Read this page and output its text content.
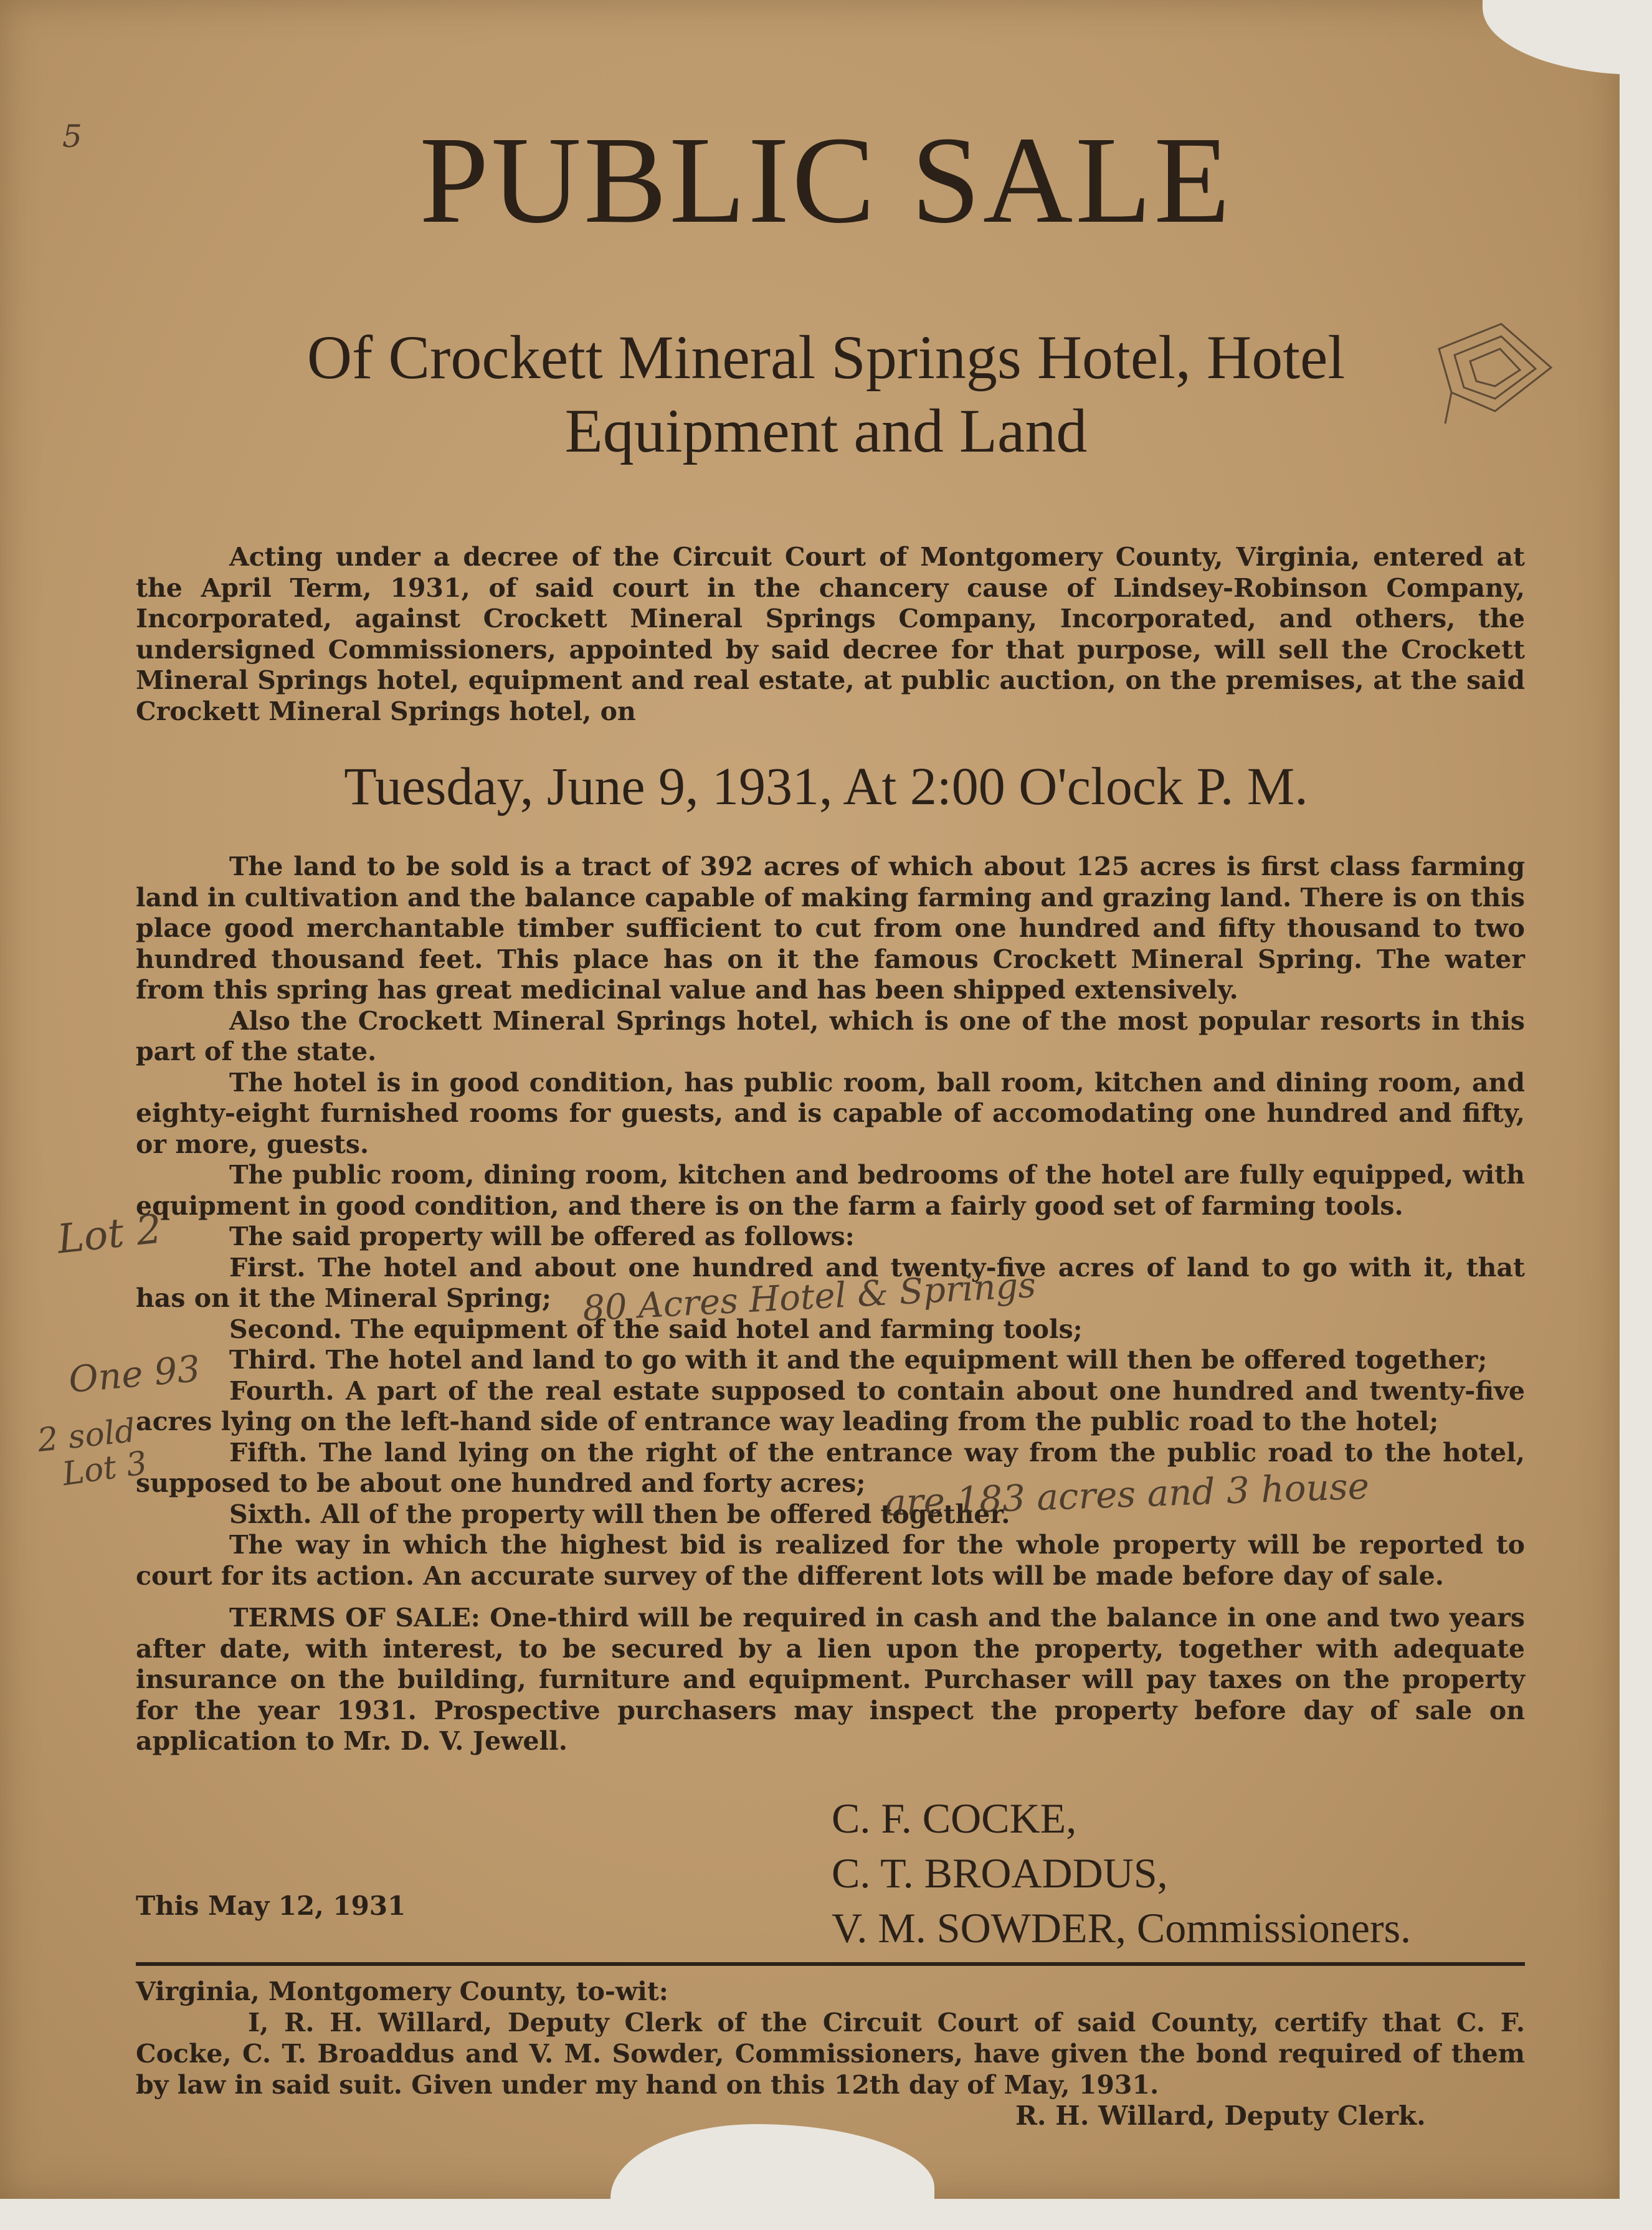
5	PUBLIC SALE
Of Crockett Mineral Springs Hotel, Hotel
Equipment and Land

Acting under a decree of the Circuit Court of Montgomery County, Virginia, entered at the April Term, 1931, of said court in the chancery cause of Lindsey-Robinson Company, Incorporated, against Crockett Mineral Springs Company, Incorporated, and others, the undersigned Commissioners, appointed by said decree for that purpose, will sell the Crockett Mineral Springs hotel, equipment and real estate, at public auction, on the premises, at the said Crockett Mineral Springs hotel, on

Tuesday, June 9, 1931, At 2:00 O'clock P. M.

The land to be sold is a tract of 392 acres of which about 125 acres is first class farming land in cultivation and the balance capable of making farming and grazing land. There is on this place good merchantable timber sufficient to cut from one hundred and fifty thousand to two hundred thousand feet. This place has on it the famous Crockett Mineral Spring. The water from this spring has great medicinal value and has been shipped extensively.

Also the Crockett Mineral Springs hotel, which is one of the most popular resorts in this part of the state.

The hotel is in good condition, has public room, ball room, kitchen and dining room, and eighty-eight furnished rooms for guests, and is capable of accomodating one hundred and fifty, or more, guests.

The public room, dining room, kitchen and bedrooms of the hotel are fully equipped, with equipment in good condition, and there is on the farm a fairly good set of farming tools.

The said property will be offered as follows:

First. The hotel and about one hundred and twenty-five acres of land to go with it, that has on it the Mineral Spring;

Second. The equipment of the said hotel and farming tools;

Third. The hotel and land to go with it and the equipment will then be offered together;

Fourth. A part of the real estate supposed to contain about one hundred and twenty-five acres lying on the left-hand side of entrance way leading from the public road to the hotel;

Fifth. The land lying on the right of the entrance way from the public road to the hotel, supposed to be about one hundred and forty acres;

Sixth. All of the property will then be offered together.

The way in which the highest bid is realized for the whole property will be reported to court for its action. An accurate survey of the different lots will be made before day of sale.

TERMS OF SALE: One-third will be required in cash and the balance in one and two years after date, with interest, to be secured by a lien upon the property, together with adequate insurance on the building, furniture and equipment. Purchaser will pay taxes on the property for the year 1931. Prospective purchasers may inspect the property before day of sale on application to Mr. D. V. Jewell.

Lot 2
80 Acres Hotel & Springs
One 93
2 sold
Lot 3	are 183 acres and 3 house
C. F. COCKE,
C. T. BROADDUS,
V. M. SOWDER, Commissioners.
This May 12, 1931

Virginia, Montgomery County, to-wit:

I, R. H. Willard, Deputy Clerk of the Circuit Court of said County, certify that C. F. Cocke, C. T. Broaddus and V. M. Sowder, Commissioners, have given the bond required of them by law in said suit. Given under my hand on this 12th day of May, 1931.

R. H. Willard, Deputy Clerk.
